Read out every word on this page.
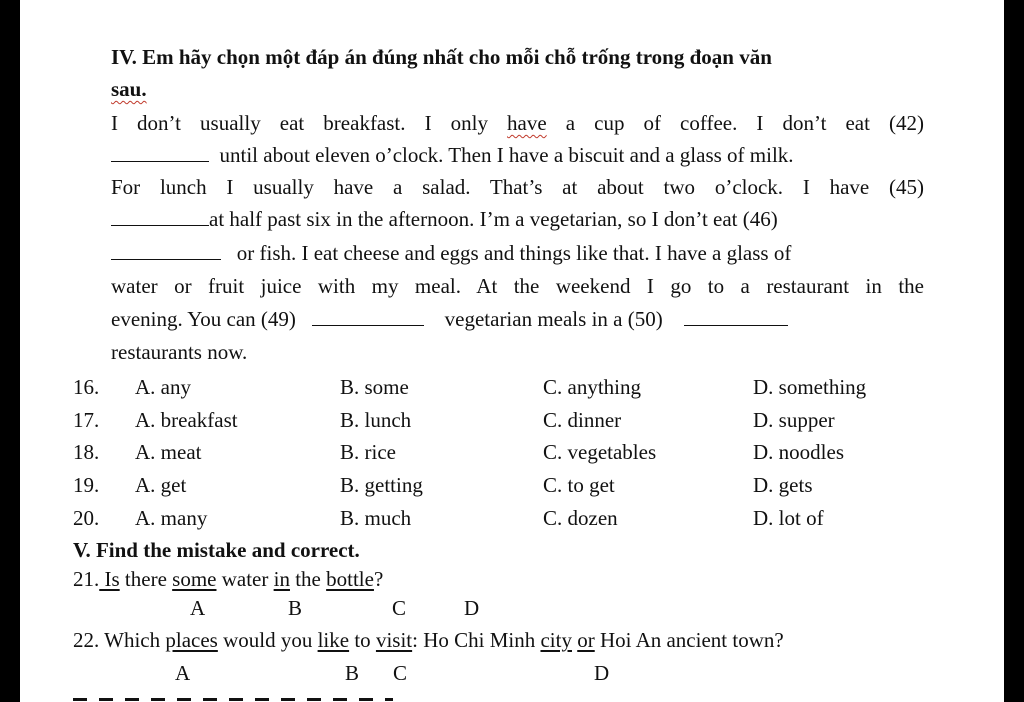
IV. Em hãy chọn một đáp án đúng nhất cho mỗi chỗ trống trong đoạn văn
sau.
I don’t usually eat breakfast. I only have a cup of coffee. I don’t eat (42)
until about eleven o’clock. Then I have a biscuit and a glass of milk.
For lunch I usually have a salad. That’s at about two o’clock. I have (45)
at half past six in the afternoon. I’m a vegetarian, so I don’t eat (46)
or fish. I eat cheese and eggs and things like that. I have a glass of
water or fruit juice with my meal. At the weekend I go to a restaurant in the
evening. You can (49)	vegetarian meals in a (50)
restaurants now.
16. A. any	B. some	C. anything	D. something
17. A. breakfast	B. lunch	C. dinner	D. supper
18. A. meat	B. rice	C. vegetables	D. noodles
19. A. get	B. getting	C. to get	D. gets
20. A. many	B. much	C. dozen	D. lot of
V. Find the mistake and correct.
21. Is there some water in the bottle?
A	B	C	D
22. Which places would you like to visit: Ho Chi Minh city or Hoi An ancient town?
A	B C	D
